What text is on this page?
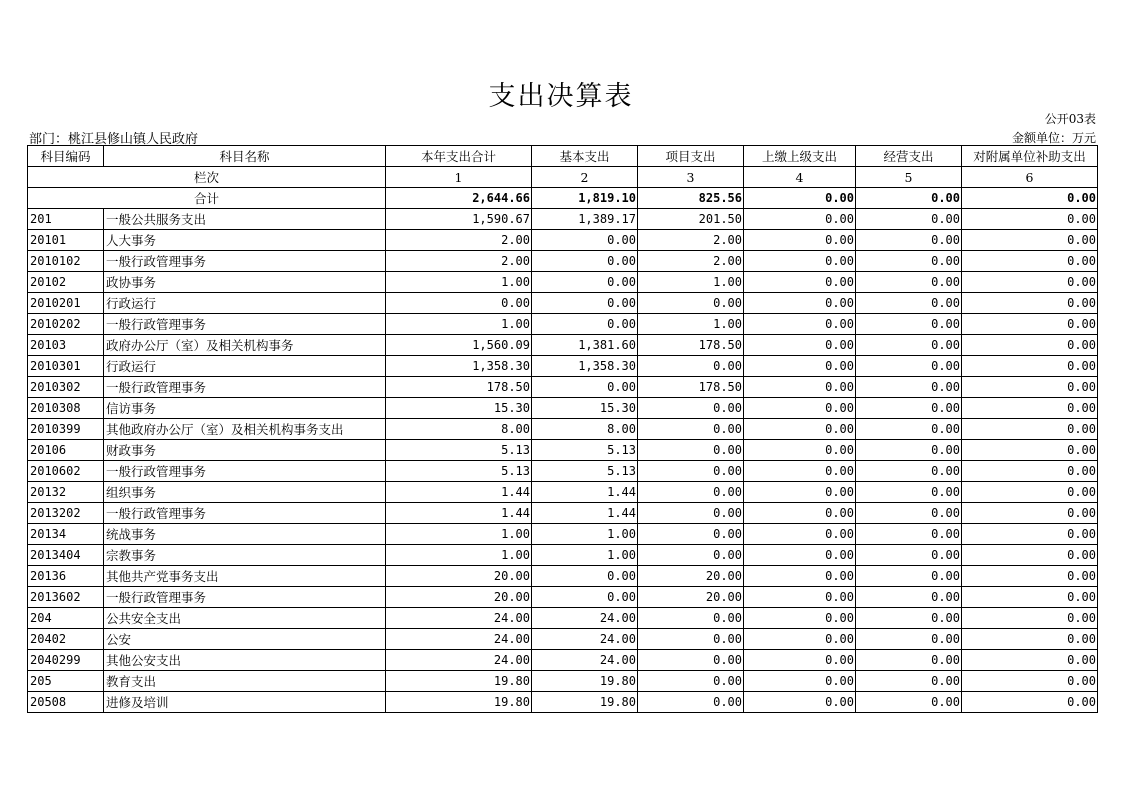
支出决算表
公开03表
部门：桃江县修山镇人民政府	金额单位：万元
科目编码	科目名称	本年支出合计	基本支出	项目支出	上缴上级支出	经营支出	对附属单位补助支出
栏次		1	2	3	4	5	6
合计		2,644.66	1,819.10	825.56	0.00	0.00	0.00
201	一般公共服务支出	1,590.67	1,389.17	201.50	0.00	0.00	0.00
20101	人大事务	2.00	0.00	2.00	0.00	0.00	0.00
2010102	一般行政管理事务	2.00	0.00	2.00	0.00	0.00	0.00
20102	政协事务	1.00	0.00	1.00	0.00	0.00	0.00
2010201	行政运行	0.00	0.00	0.00	0.00	0.00	0.00
2010202	一般行政管理事务	1.00	0.00	1.00	0.00	0.00	0.00
20103	政府办公厅（室）及相关机构事务	1,560.09	1,381.60	178.50	0.00	0.00	0.00
2010301	行政运行	1,358.30	1,358.30	0.00	0.00	0.00	0.00
2010302	一般行政管理事务	178.50	0.00	178.50	0.00	0.00	0.00
2010308	信访事务	15.30	15.30	0.00	0.00	0.00	0.00
2010399	其他政府办公厅（室）及相关机构事务支出	8.00	8.00	0.00	0.00	0.00	0.00
20106	财政事务	5.13	5.13	0.00	0.00	0.00	0.00
2010602	一般行政管理事务	5.13	5.13	0.00	0.00	0.00	0.00
20132	组织事务	1.44	1.44	0.00	0.00	0.00	0.00
2013202	一般行政管理事务	1.44	1.44	0.00	0.00	0.00	0.00
20134	统战事务	1.00	1.00	0.00	0.00	0.00	0.00
2013404	宗教事务	1.00	1.00	0.00	0.00	0.00	0.00
20136	其他共产党事务支出	20.00	0.00	20.00	0.00	0.00	0.00
2013602	一般行政管理事务	20.00	0.00	20.00	0.00	0.00	0.00
204	公共安全支出	24.00	24.00	0.00	0.00	0.00	0.00
20402	公安	24.00	24.00	0.00	0.00	0.00	0.00
2040299	其他公安支出	24.00	24.00	0.00	0.00	0.00	0.00
205	教育支出	19.80	19.80	0.00	0.00	0.00	0.00
20508	进修及培训	19.80	19.80	0.00	0.00	0.00	0.00
